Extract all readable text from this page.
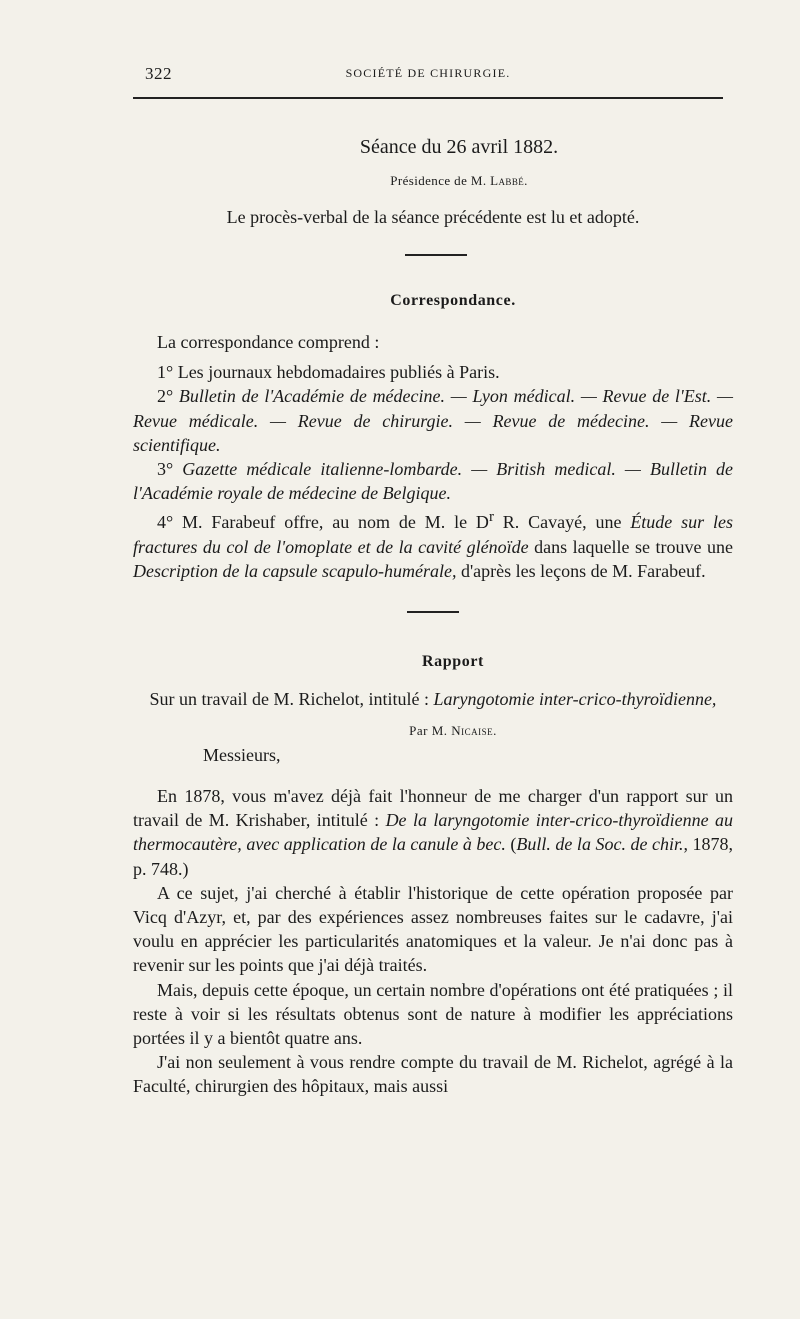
322	SOCIÉTÉ DE CHIRURGIE.
Séance du 26 avril 1882.
Présidence de M. Labbé.
Le procès-verbal de la séance précédente est lu et adopté.
Correspondance.

La correspondance comprend :

1° Les journaux hebdomadaires publiés à Paris.

2° Bulletin de l'Académie de médecine. — Lyon médical. — Revue de l'Est. — Revue médicale. — Revue de chirurgie. — Revue de médecine. — Revue scientifique.

3° Gazette médicale italienne-lombarde. — British medical. — Bulletin de l'Académie royale de médecine de Belgique.

4° M. Farabeuf offre, au nom de M. le $D^r$ R. Cavayé, une Étude sur les fractures du col de l'omoplate et de la cavité glénoïde dans laquelle se trouve une Description de la capsule scapulo-humérale, d'après les leçons de M. Farabeuf.

Rapport

Sur un travail de M. Richelot, intitulé : Laryngotomie inter-crico-thyroïdienne,

Par M. Nicaise.
Messieurs,

En 1878, vous m'avez déjà fait l'honneur de me charger d'un rapport sur un travail de M. Krishaber, intitulé : De la laryngotomie inter-crico-thyroïdienne au thermocautère, avec application de la canule à bec. (Bull. de la Soc. de chir., 1878, p. 748.)

A ce sujet, j'ai cherché à établir l'historique de cette opération proposée par Vicq d'Azyr, et, par des expériences assez nombreuses faites sur le cadavre, j'ai voulu en apprécier les particularités anatomiques et la valeur. Je n'ai donc pas à revenir sur les points que j'ai déjà traités.

Mais, depuis cette époque, un certain nombre d'opérations ont été pratiquées ; il reste à voir si les résultats obtenus sont de nature à modifier les appréciations portées il y a bientôt quatre ans.

J'ai non seulement à vous rendre compte du travail de M. Richelot, agrégé à la Faculté, chirurgien des hôpitaux, mais aussi
